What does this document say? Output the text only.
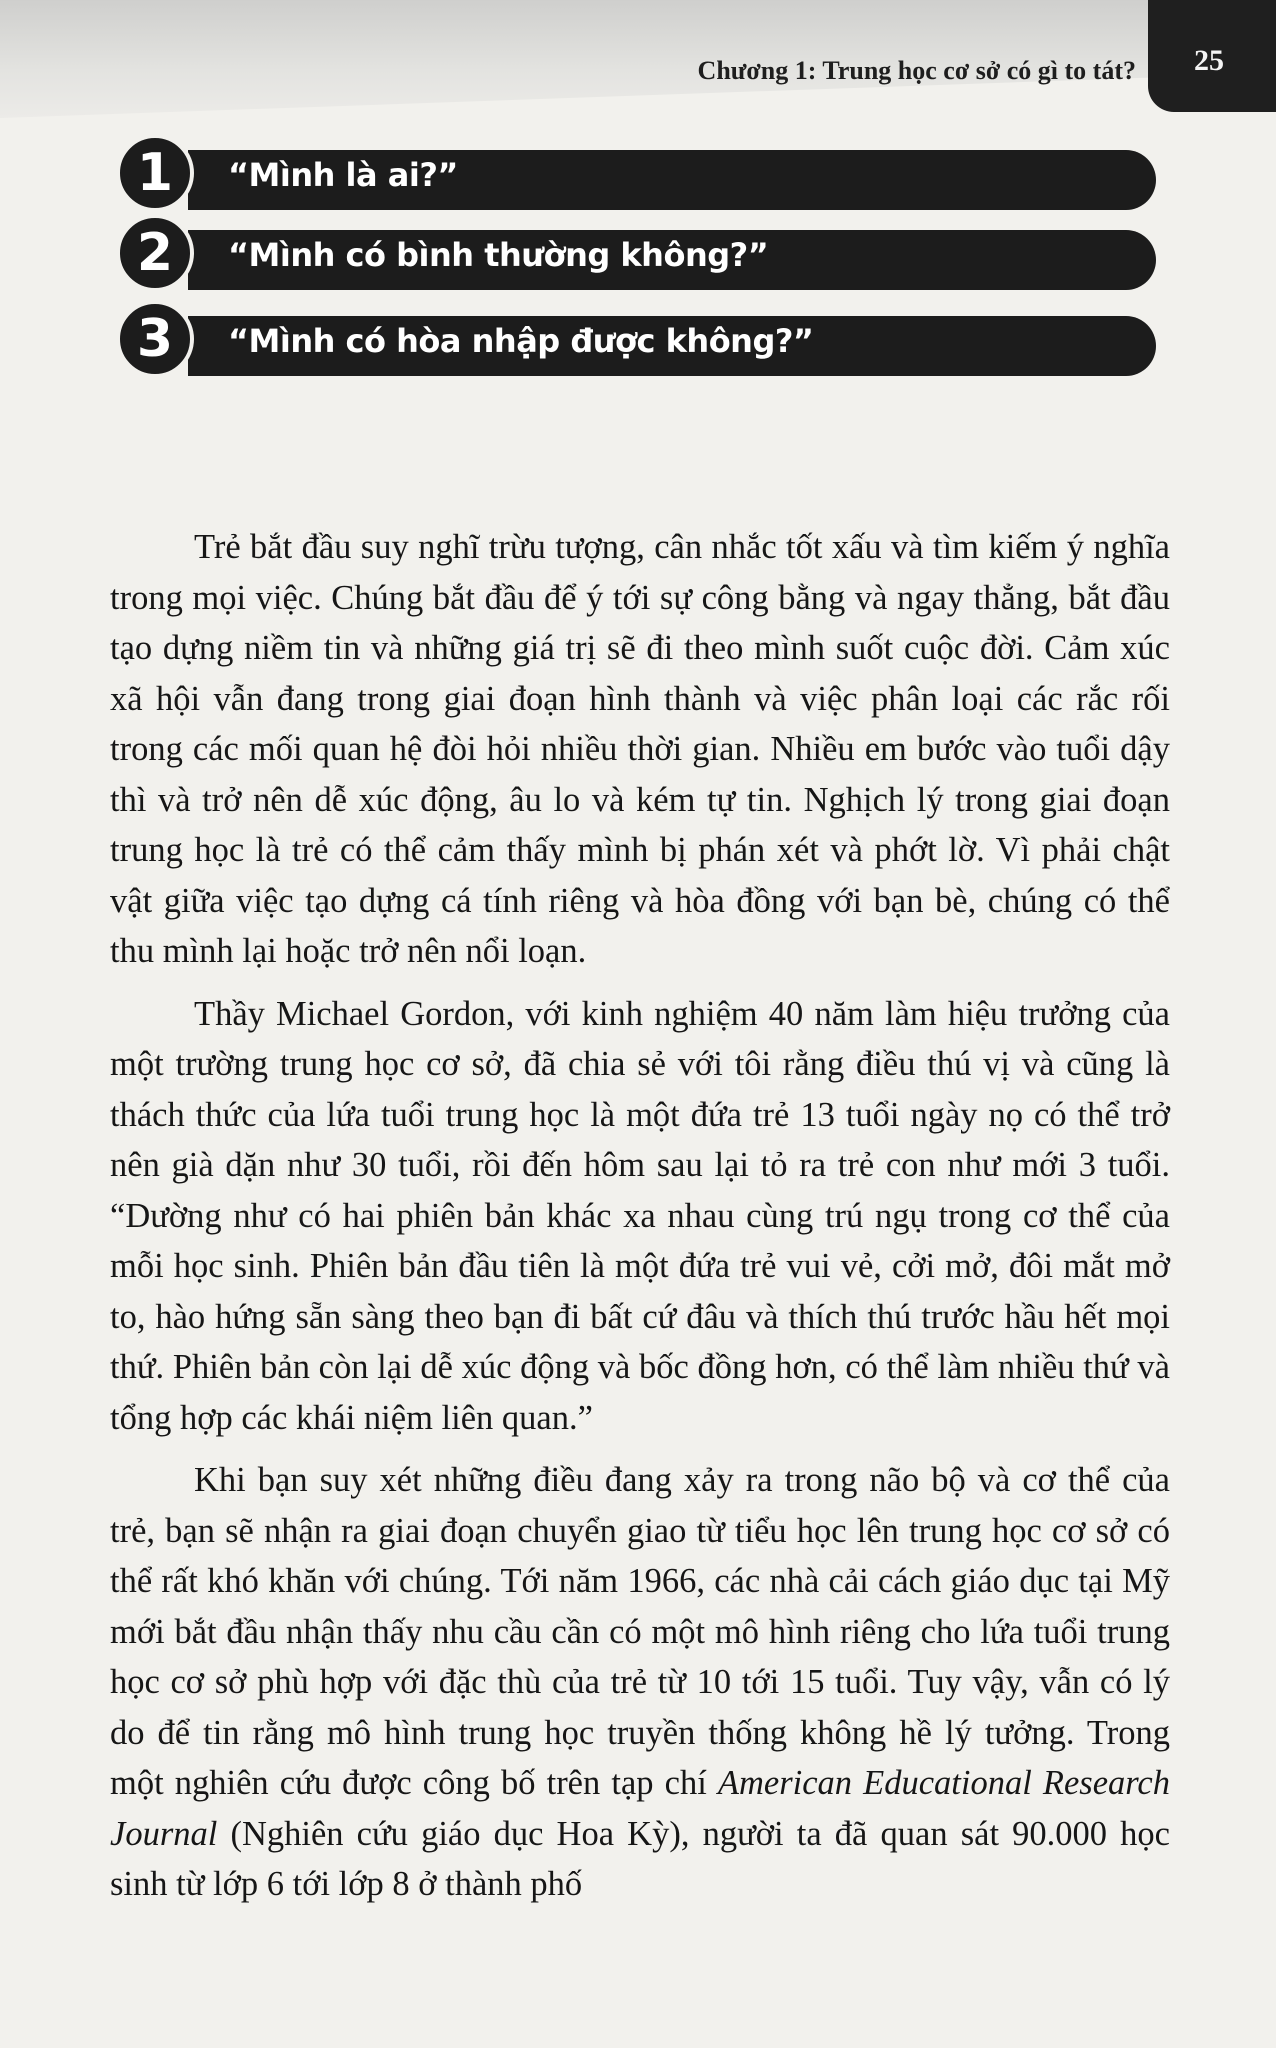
Chương 1: Trung học cơ sở có gì to tát? 25
1	“Mình là ai?”
2	“Mình có bình thường không?”
3	“Mình có hòa nhập được không?”

Trẻ bắt đầu suy nghĩ trừu tượng, cân nhắc tốt xấu và tìm kiếm ý nghĩa trong mọi việc. Chúng bắt đầu để ý tới sự công bằng và ngay thẳng, bắt đầu tạo dựng niềm tin và những giá trị sẽ đi theo mình suốt cuộc đời. Cảm xúc xã hội vẫn đang trong giai đoạn hình thành và việc phân loại các rắc rối trong các mối quan hệ đòi hỏi nhiều thời gian. Nhiều em bước vào tuổi dậy thì và trở nên dễ xúc động, âu lo và kém tự tin. Nghịch lý trong giai đoạn trung học là trẻ có thể cảm thấy mình bị phán xét và phớt lờ. Vì phải chật vật giữa việc tạo dựng cá tính riêng và hòa đồng với bạn bè, chúng có thể thu mình lại hoặc trở nên nổi loạn.

Thầy Michael Gordon, với kinh nghiệm 40 năm làm hiệu trưởng của một trường trung học cơ sở, đã chia sẻ với tôi rằng điều thú vị và cũng là thách thức của lứa tuổi trung học là một đứa trẻ 13 tuổi ngày nọ có thể trở nên già dặn như 30 tuổi, rồi đến hôm sau lại tỏ ra trẻ con như mới 3 tuổi. “Dường như có hai phiên bản khác xa nhau cùng trú ngụ trong cơ thể của mỗi học sinh. Phiên bản đầu tiên là một đứa trẻ vui vẻ, cởi mở, đôi mắt mở to, hào hứng sẵn sàng theo bạn đi bất cứ đâu và thích thú trước hầu hết mọi thứ. Phiên bản còn lại dễ xúc động và bốc đồng hơn, có thể làm nhiều thứ và tổng hợp các khái niệm liên quan.”

Khi bạn suy xét những điều đang xảy ra trong não bộ và cơ thể của trẻ, bạn sẽ nhận ra giai đoạn chuyển giao từ tiểu học lên trung học cơ sở có thể rất khó khăn với chúng. Tới năm 1966, các nhà cải cách giáo dục tại Mỹ mới bắt đầu nhận thấy nhu cầu cần có một mô hình riêng cho lứa tuổi trung học cơ sở phù hợp với đặc thù của trẻ từ 10 tới 15 tuổi. Tuy vậy, vẫn có lý do để tin rằng mô hình trung học truyền thống không hề lý tưởng. Trong một nghiên cứu được công bố trên tạp chí American Educational Research Journal (Nghiên cứu giáo dục Hoa Kỳ), người ta đã quan sát 90.000 học sinh từ lớp 6 tới lớp 8 ở thành phố
